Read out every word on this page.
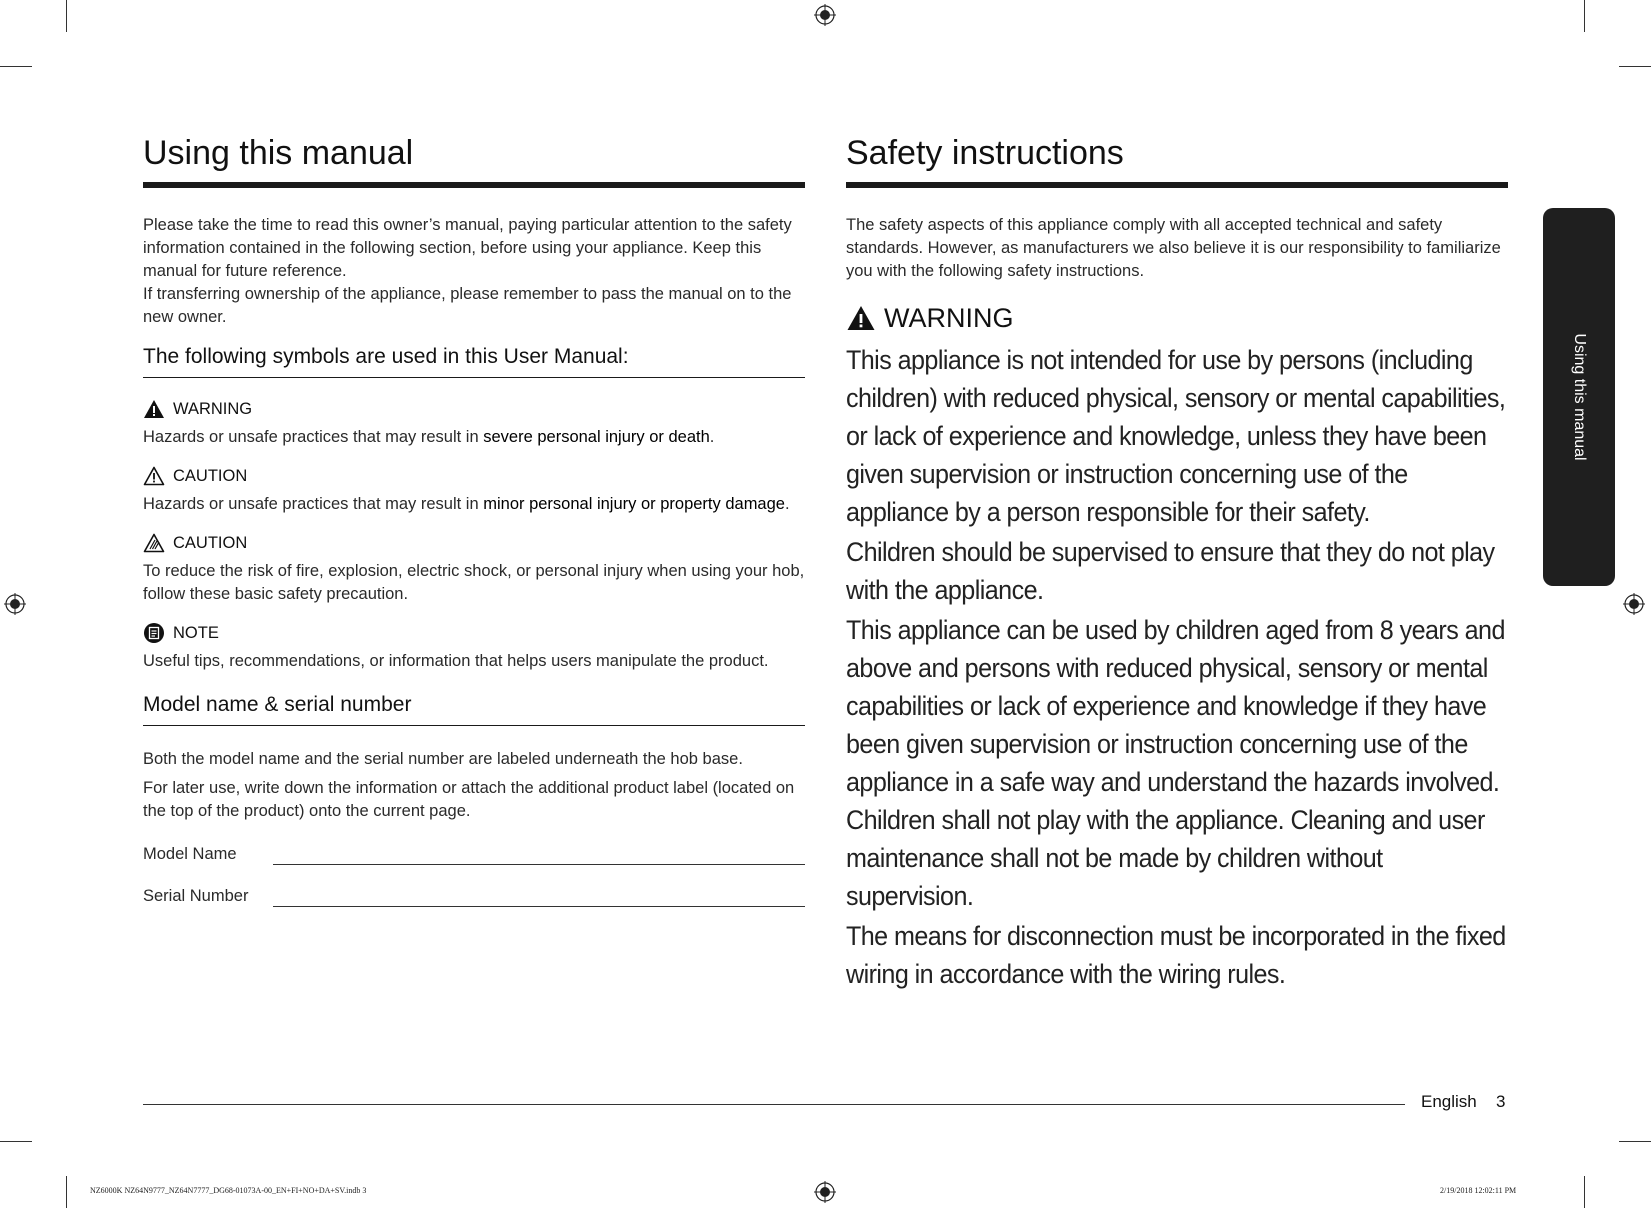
Using this manual

Please take the time to read this owner’s manual, paying particular attention to the safety information contained in the following section, before using your appliance. Keep this manual for future reference.

If transferring ownership of the appliance, please remember to pass the manual on to the new owner.

The following symbols are used in this User Manual:
WARNING

Hazards or unsafe practices that may result in severe personal injury or death.

CAUTION

Hazards or unsafe practices that may result in minor personal injury or property damage.

CAUTION

To reduce the risk of fire, explosion, electric shock, or personal injury when using your hob, follow these basic safety precaution.

NOTE

Useful tips, recommendations, or information that helps users manipulate the product.

Model name & serial number

Both the model name and the serial number are labeled underneath the hob base.

For later use, write down the information or attach the additional product label (located on the top of the product) onto the current page.

Model Name
Serial Number
Safety instructions

The safety aspects of this appliance comply with all accepted technical and safety standards. However, as manufacturers we also believe it is our responsibility to familiarize you with the following safety instructions.

WARNING

This appliance is not intended for use by persons (including children) with reduced physical, sensory or mental capabilities, or lack of experience and knowledge, unless they have been given supervision or instruction concerning use of the appliance by a person responsible for their safety.

Children should be supervised to ensure that they do not play with the appliance.

This appliance can be used by children aged from 8 years and above and persons with reduced physical, sensory or mental capabilities or lack of experience and knowledge if they have been given supervision or instruction concerning use of the appliance in a safe way and understand the hazards involved. Children shall not play with the appliance. Cleaning and user maintenance shall not be made by children without supervision.

The means for disconnection must be incorporated in the fixed wiring in accordance with the wiring rules.

Using this manual
English 3
NZ6000K NZ64N9777_NZ64N7777_DG68-01073A-00_EN+FI+NO+DA+SV.indb 3	2/19/2018 12:02:11 PM
